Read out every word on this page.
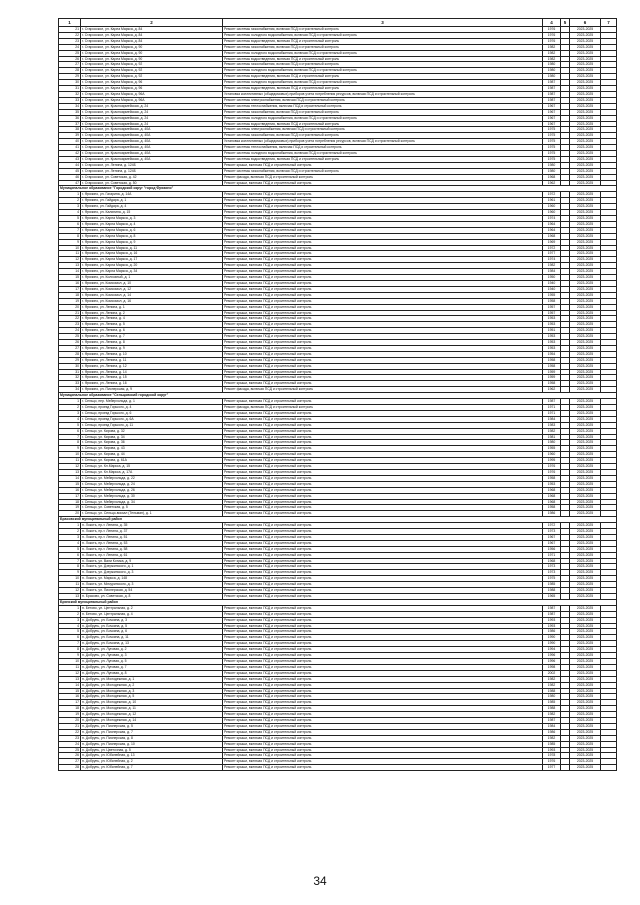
1	2	3	4	5	6	7
21	г. Старооскол, ул. Карла Маркса, д. 84	Ремонт системы газоснабжения, включая ПСД и строительный контроль	1976		2023-2025	
22	г. Старооскол, ул. Карла Маркса, д. 84	Ремонт системы холодного водоснабжения, включая ПСД и строительный контроль	1976		2023-2025	
23	г. Старооскол, ул. Карла Маркса, д. 84	Ремонт системы водоотведения, включая ПСД и строительный контроль	1976		2023-2025	
24	г. Старооскол, ул. Карла Маркса, д. 90	Ремонт системы газоснабжения, включая ПСД и строительный контроль	1982		2023-2025	
25	г. Старооскол, ул. Карла Маркса, д. 90	Ремонт системы холодного водоснабжения, включая ПСД и строительный контроль	1982		2023-2025	
26	г. Старооскол, ул. Карла Маркса, д. 90	Ремонт системы водоотведения, включая ПСД и строительный контроль	1982		2023-2025	
27	г. Старооскол, ул. Карла Маркса, д. 92	Ремонт системы газоснабжения, включая ПСД и строительный контроль	1980		2023-2025	
28	г. Старооскол, ул. Карла Маркса, д. 92	Ремонт системы холодного водоснабжения, включая ПСД и строительный контроль	1980		2023-2025	
29	г. Старооскол, ул. Карла Маркса, д. 92	Ремонт системы водоотведения, включая ПСД и строительный контроль	1980		2023-2025	
30	г. Старооскол, ул. Карла Маркса, д. 96	Ремонт системы холодного водоснабжения, включая ПСД и строительный контроль	1987		2023-2025	
31	г. Старооскол, ул. Карла Маркса, д. 96	Ремонт системы водоотведения, включая ПСД и строительный контроль	1987		2023-2025	
32	г. Старооскол, ул. Карла Маркса, д. 96А	Установка коллективных (общедомовых) приборов учета потребления ресурсов, включая ПСД и строительный контроль	1987		2023-2025	
33	г. Старооскол, ул. Карла Маркса, д. 96А	Ремонт системы электроснабжения, включая ПСД и строительный контроль	1987		2023-2025	
34	г. Старооскол, ул. Красноармейская, д. 24	Ремонт системы теплоснабжения, включая ПСД и строительный контроль	1967		2023-2025	
35	г. Старооскол, ул. Красноармейская, д. 24	Ремонт системы газоснабжения, включая ПСД и строительный контроль	1967		2023-2025	
36	г. Старооскол, ул. Красноармейская, д. 24	Ремонт системы холодного водоснабжения, включая ПСД и строительный контроль	1967		2023-2025	
37	г. Старооскол, ул. Красноармейская, д. 24	Ремонт системы водоотведения, включая ПСД и строительный контроль	1967		2023-2025	
38	г. Старооскол, ул. Красноармейская, д. 40А	Ремонт системы электроснабжения, включая ПСД и строительный контроль	1975		2023-2025	
39	г. Старооскол, ул. Красноармейская, д. 40А	Ремонт системы газоснабжения, включая ПСД и строительный контроль	1975		2023-2025	
40	г. Старооскол, ул. Красноармейская, д. 40А	Установка коллективных (общедомовых) приборов учета потребления ресурсов, включая ПСД и строительный контроль	1975		2023-2025	
41	г. Старооскол, ул. Красноармейская, д. 40А	Ремонт системы теплоснабжения, включая ПСД и строительный контроль	1975		2023-2025	
42	г. Старооскол, ул. Красноармейская, д. 40А	Ремонт системы холодного водоснабжения, включая ПСД и строительный контроль	1975		2023-2025	
43	г. Старооскол, ул. Красноармейская, д. 40А	Ремонт системы водоотведения, включая ПСД и строительный контроль	1975		2023-2025	
44	г. Старооскол, ул. Ленина, д. 124Б	Ремонт крыши, включая ПСД и строительный контроль	1980		2023-2025	
45	г. Старооскол, ул. Ленина, д. 124Б	Ремонт системы газоснабжения, включая ПСД и строительный контроль	1980		2023-2025	
46	г. Старооскол, ул. Советская, д. 42	Ремонт фасада, включая ПСД и строительный контроль	1968		2023-2025	
47	г. Старооскол, ул. Советская, д. 50	Ремонт крыши, включая ПСД и строительный контроль	1962		2023-2025	
Муниципальное образование "Городской округ "город Фрязино"						
1	г. Фрязино, ул. Гагарина, д. 14А	Ремонт крыши, включая ПСД и строительный контроль	1972		2023-2025	
2	г. Фрязино, ул. Гайдара, д. 1	Ремонт крыши, включая ПСД и строительный контроль	1961		2023-2025	
3	г. Фрязино, ул. Гайдара, д. 4	Ремонт крыши, включая ПСД и строительный контроль	1960		2023-2025	
4	г. Фрязино, ул. Калинина, д. 15	Ремонт крыши, включая ПСД и строительный контроль	1960		2023-2025	
5	г. Фрязино, ул. Карла Маркса, д. 3	Ремонт крыши, включая ПСД и строительный контроль	1974		2023-2025	
6	г. Фрязино, ул. Карла Маркса, д. 4	Ремонт крыши, включая ПСД и строительный контроль	1964		2023-2025	
7	г. Фрязино, ул. Карла Маркса, д. 6	Ремонт крыши, включая ПСД и строительный контроль	1964		2023-2025	
8	г. Фрязино, ул. Карла Маркса, д. 8	Ремонт крыши, включая ПСД и строительный контроль	1968		2023-2025	
9	г. Фрязино, ул. Карла Маркса, д. 9	Ремонт крыши, включая ПСД и строительный контроль	1969		2023-2025	
10	г. Фрязино, ул. Карла Маркса, д. 11	Ремонт крыши, включая ПСД и строительный контроль	1972		2023-2025	
11	г. Фрязино, ул. Карла Маркса, д. 16	Ремонт крыши, включая ПСД и строительный контроль	1977		2023-2025	
12	г. Фрязино, ул. Карла Маркса, д. 17	Ремонт крыши, включая ПСД и строительный контроль	1974		2023-2025	
13	г. Фрязино, ул. Карла Маркса, д. 20	Ремонт крыши, включая ПСД и строительный контроль	1982		2023-2025	
14	г. Фрязино, ул. Карла Маркса, д. 34	Ремонт крыши, включая ПСД и строительный контроль	1984		2023-2025	
15	г. Фрязино, ул. Колхозный, д. 1	Ремонт крыши, включая ПСД и строительный контроль	1950		2023-2025	
16	г. Фрязино, ул. Комсомол, д. 10	Ремонт крыши, включая ПСД и строительный контроль	1940		2023-2025	
17	г. Фрязино, ул. Комсомол, д. 12	Ремонт крыши, включая ПСД и строительный контроль	1940		2023-2025	
18	г. Фрязино, ул. Комсомол, д. 14	Ремонт крыши, включая ПСД и строительный контроль	1955		2023-2025	
19	г. Фрязино, ул. Комсомол, д. 16	Ремонт крыши, включая ПСД и строительный контроль	1958		2023-2025	
20	г. Фрязино, ул. Ленина, д. 1	Ремонт крыши, включая ПСД и строительный контроль	1957		2023-2025	
21	г. Фрязино, ул. Ленина, д. 2	Ремонт крыши, включая ПСД и строительный контроль	1957		2023-2025	
22	г. Фрязино, ул. Ленина, д. 4	Ремонт крыши, включая ПСД и строительный контроль	1953		2023-2025	
23	г. Фрязино, ул. Ленина, д. 5	Ремонт крыши, включая ПСД и строительный контроль	1953		2023-2025	
24	г. Фрязино, ул. Ленина, д. 6	Ремонт крыши, включая ПСД и строительный контроль	1951		2023-2025	
25	г. Фрязино, ул. Ленина, д. 7	Ремонт крыши, включая ПСД и строительный контроль	1953		2023-2025	
26	г. Фрязино, ул. Ленина, д. 8	Ремонт крыши, включая ПСД и строительный контроль	1953		2023-2025	
27	г. Фрязино, ул. Ленина, д. 9	Ремонт крыши, включая ПСД и строительный контроль	1953		2023-2025	
28	г. Фрязино, ул. Ленина, д. 10	Ремонт крыши, включая ПСД и строительный контроль	1954		2023-2025	
29	г. Фрязино, ул. Ленина, д. 11	Ремонт крыши, включая ПСД и строительный контроль	1958		2023-2025	
30	г. Фрязино, ул. Ленина, д. 12	Ремонт крыши, включая ПСД и строительный контроль	1958		2023-2025	
31	г. Фрязино, ул. Ленина, д. 14	Ремонт крыши, включая ПСД и строительный контроль	1959		2023-2025	
32	г. Фрязино, ул. Ленина, д. 15	Ремонт крыши, включая ПСД и строительный контроль	1959		2023-2025	
33	г. Фрязино, ул. Ленина, д. 16	Ремонт крыши, включая ПСД и строительный контроль	1958		2023-2025	
34	г. Фрязино, ул. Пионерская, д. 9	Ремонт фасада, включая ПСД и строительный контроль	1962		2023-2025	
Муниципальное образование "Сельцовский городской округ"						
1	г. Сельцо, пер. Мейерхольда, д. 1	Ремонт крыши, включая ПСД и строительный контроль	1987		2023-2025	
2	г. Сельцо, проезд Горького, д. 4	Ремонт фасада, включая ПСД и строительный контроль	1971		2023-2025	
3	г. Сельцо, проезд Горького, д. 6	Ремонт крыши, включая ПСД и строительный контроль	1971		2023-2025	
4	г. Сельцо, проезд Горького, д. 6А	Ремонт крыши, включая ПСД и строительный контроль	1984		2023-2025	
5	г. Сельцо, проезд Горького, д. 11	Ремонт крыши, включая ПСД и строительный контроль	1983		2023-2025	
6	г. Сельцо, ул. Кирова, д. 32	Ремонт крыши, включая ПСД и строительный контроль	1982		2023-2025	
7	г. Сельцо, ул. Кирова, д. 34	Ремонт крыши, включая ПСД и строительный контроль	1981		2023-2025	
8	г. Сельцо, ул. Кирова, д. 36	Ремонт крыши, включая ПСД и строительный контроль	1980		2023-2025	
9	г. Сельцо, ул. Кирова, д. 43	Ремонт крыши, включая ПСД и строительный контроль	1955		2023-2025	
10	г. Сельцо, ул. Кирова, д. 44	Ремонт крыши, включая ПСД и строительный контроль	1960		2023-2025	
11	г. Сельцо, ул. Кирова, д. 61А	Ремонт крыши, включая ПСД и строительный контроль	1995		2023-2025	
12	г. Сельцо, ул. Кл.Маркса, д. 15	Ремонт крыши, включая ПСД и строительный контроль	1976		2023-2025	
13	г. Сельцо, ул. Кл.Маркса, д. 17А	Ремонт крыши, включая ПСД и строительный контроль	1976		2023-2025	
14	г. Сельцо, ул. Мейерхольда, д. 22	Ремонт крыши, включая ПСД и строительный контроль	1958		2023-2025	
15	г. Сельцо, ул. Мейерхольда, д. 24	Ремонт крыши, включая ПСД и строительный контроль	1953		2023-2025	
16	г. Сельцо, ул. Мейерхольда, д. 26	Ремонт крыши, включая ПСД и строительный контроль	1968		2023-2025	
17	г. Сельцо, ул. Мейерхольда, д. 30	Ремонт крыши, включая ПСД и строительный контроль	1968		2023-2025	
18	г. Сельцо, ул. Мейерхольда, д. 34	Ремонт крыши, включая ПСД и строительный контроль	1968		2023-2025	
19	г. Сельцо, ул. Советская, д. 5	Ремонт крыши, включая ПСД и строительный контроль	1958		2023-2025	
20	г. Сельцо, ул. Сельцо-вокзал (Тельман), д. 1	Ремонт крыши, включая ПСД и строительный контроль	1986		2023-2025	
Брасовский муниципальный район						
1	п. Локоть, пр-т. Ленина, д. 35	Ремонт крыши, включая ПСД и строительный контроль	1972		2023-2025	
2	п. Локоть, пр-т. Ленина, д. 37	Ремонт крыши, включая ПСД и строительный контроль	1973		2023-2025	
3	п. Локоть, пр-т. Ленина, д. 51	Ремонт крыши, включая ПСД и строительный контроль	1967		2023-2025	
4	п. Локоть, пр-т. Ленина, д. 53	Ремонт крыши, включая ПСД и строительный контроль	1967		2023-2025	
5	п. Локоть, пр-т. Ленина, д. 58	Ремонт крыши, включая ПСД и строительный контроль	1956		2023-2025	
6	п. Локоть, пр-т. Ленина, д. 61	Ремонт крыши, включая ПСД и строительный контроль	1971		2023-2025	
7	п. Локоть, ул. Вали Котика, д. 9	Ремонт крыши, включая ПСД и строительный контроль	1968		2023-2025	
8	п. Локоть, ул. Дзержинского, д. 1	Ремонт крыши, включая ПСД и строительный контроль	1973		2023-2025	
9	п. Локоть, ул. Дзержинского, д. 3	Ремонт крыши, включая ПСД и строительный контроль	1973		2023-2025	
10	п. Локоть, ул. Маркса, д. 148	Ремонт крыши, включая ПСД и строительный контроль	1975		2023-2025	
11	п. Локоть, ул. Мичуринского, д. 3	Ремонт крыши, включая ПСД и строительный контроль	1985		2023-2025	
12	п. Локоть, ул. Пионерская, д. 54	Ремонт крыши, включая ПСД и строительный контроль	1988		2023-2025	
13	п. Брасово, ул. Советская, д. 8	Ремонт крыши, включая ПСД и строительный контроль	1965		2023-2025	
Брянский муниципальный район						
1	п. Бетово, ул. Центральная, д. 2	Ремонт крыши, включая ПСД и строительный контроль	1987		2023-2025	
2	п. Бетово, ул. Центральная, д. 4	Ремонт крыши, включая ПСД и строительный контроль	1987		2023-2025	
3	п. Добрунь, ул. Бочкина, д. 3	Ремонт крыши, включая ПСД и строительный контроль	1993		2023-2025	
4	п. Добрунь, ул. Бочкина, д. 5	Ремонт крыши, включая ПСД и строительный контроль	1993		2023-2025	
5	п. Добрунь, ул. Бочкина, д. 6	Ремонт крыши, включая ПСД и строительный контроль	1986		2023-2025	
6	п. Добрунь, ул. Бочкина, д. 11	Ремонт крыши, включая ПСД и строительный контроль	1990		2023-2025	
7	п. Добрунь, ул. Бочкина, д. 13	Ремонт крыши, включая ПСД и строительный контроль	1990		2023-2025	
8	п. Добрунь, ул. Луговая, д. 2	Ремонт крыши, включая ПСД и строительный контроль	1994		2023-2025	
9	п. Добрунь, ул. Луговая, д. 3	Ремонт крыши, включая ПСД и строительный контроль	1996		2023-2025	
10	п. Добрунь, ул. Луговая, д. 5	Ремонт крыши, включая ПСД и строительный контроль	1996		2023-2025	
11	п. Добрунь, ул. Луговая, д. 7	Ремонт крыши, включая ПСД и строительный контроль	1998		2023-2025	
12	п. Добрунь, ул. Луговая, д. 8	Ремонт крыши, включая ПСД и строительный контроль	2002		2023-2025	
13	п. Добрунь, ул. Молодежная, д. 1	Ремонт крыши, включая ПСД и строительный контроль	1982		2023-2025	
14	п. Добрунь, ул. Молодежная, д. 2	Ремонт крыши, включая ПСД и строительный контроль	1982		2023-2025	
15	п. Добрунь, ул. Молодежная, д. 3	Ремонт крыши, включая ПСД и строительный контроль	1988		2023-2025	
16	п. Добрунь, ул. Молодежная, д. 5	Ремонт крыши, включая ПСД и строительный контроль	1980		2023-2025	
17	п. Добрунь, ул. Молодежная, д. 10	Ремонт крыши, включая ПСД и строительный контроль	1985		2023-2025	
18	п. Добрунь, ул. Молодежная, д. 11	Ремонт крыши, включая ПСД и строительный контроль	1988		2023-2025	
19	п. Добрунь, ул. Молодежная, д. 12	Ремонт крыши, включая ПСД и строительный контроль	1982		2023-2025	
20	п. Добрунь, ул. Молодежная, д. 14	Ремонт крыши, включая ПСД и строительный контроль	1987		2023-2025	
21	п. Добрунь, ул. Пионерская, д. 5	Ремонт крыши, включая ПСД и строительный контроль	1984		2023-2025	
22	п. Добрунь, ул. Пионерская, д. 7	Ремонт крыши, включая ПСД и строительный контроль	1986		2023-2025	
23	п. Добрунь, ул. Пионерская, д. 8	Ремонт крыши, включая ПСД и строительный контроль	1982		2023-2025	
24	п. Добрунь, ул. Пионерская, д. 10	Ремонт крыши, включая ПСД и строительный контроль	1985		2023-2025	
25	п. Добрунь, ул. Цветочная, д. 5	Ремонт крыши, включая ПСД и строительный контроль	1993		2023-2025	
26	п. Добрунь, ул. Юбилейная, д. 13	Ремонт крыши, включая ПСД и строительный контроль	1978		2023-2025	
27	п. Добрунь, ул. Юбилейная, д. 2	Ремонт крыши, включая ПСД и строительный контроль	1976		2023-2025	
28	п. Добрунь, ул. Юбилейная, д. 7	Ремонт крыши, включая ПСД и строительный контроль	1977		2023-2025	
34
